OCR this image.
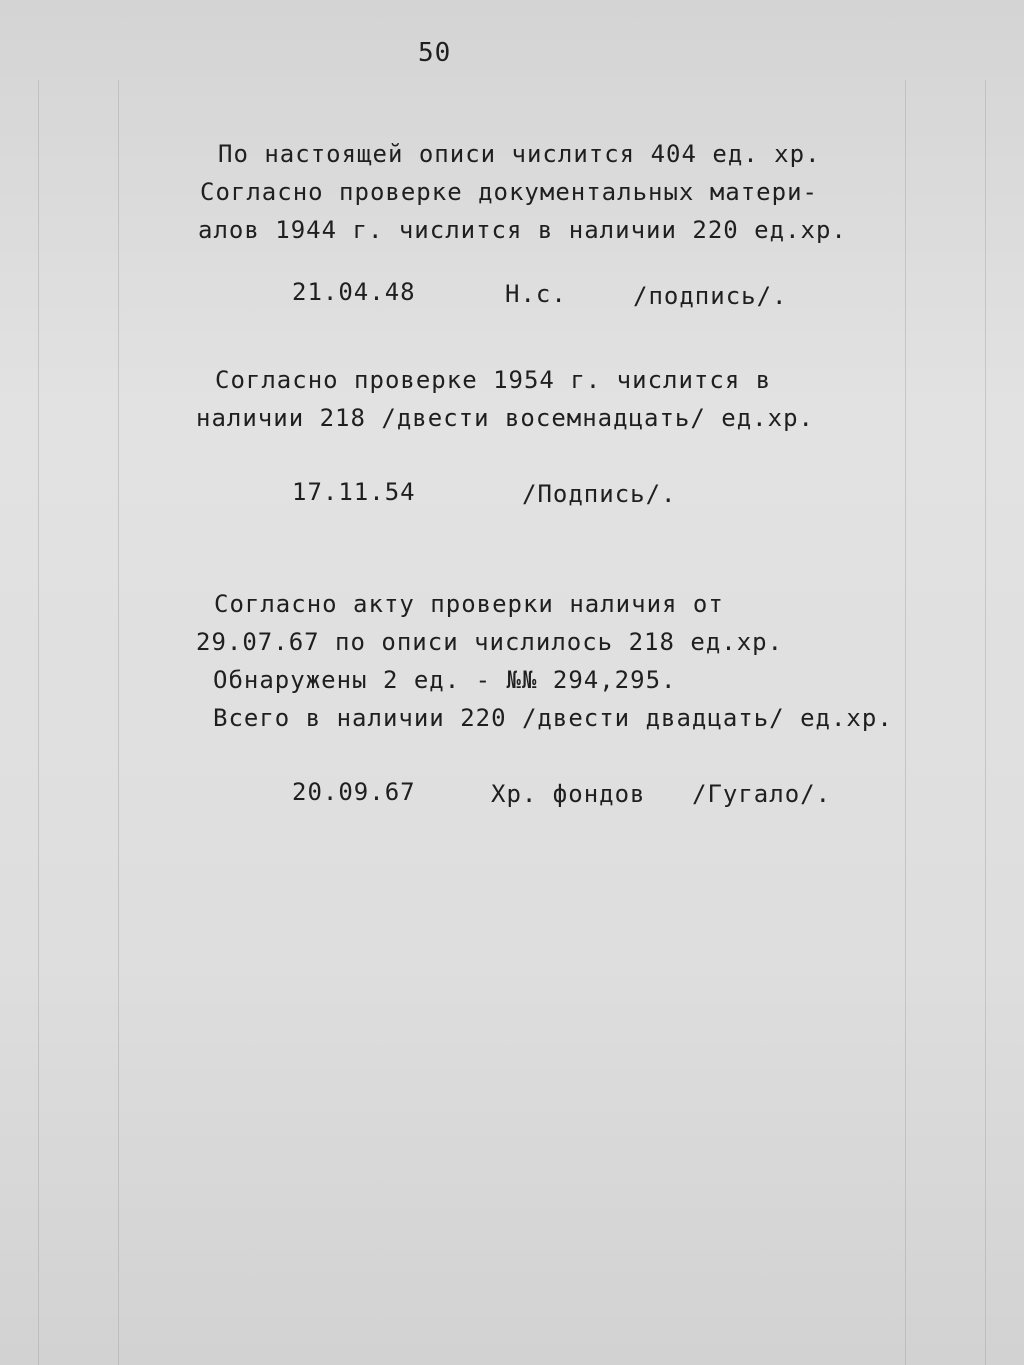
50
По настоящей описи числится 404 ед. хр.
Согласно проверке документальных матери-
алов 1944 г. числится в наличии 220 ед.хр.
21.04.48	Н.с.	/подпись/.
Согласно проверке 1954 г. числится в
наличии 218 /двести восемнадцать/ ед.хр.
17.11.54	/Подпись/.
Согласно акту проверки наличия от
29.07.67 по описи числилось 218 ед.хр.
Обнаружены 2 ед. - №№ 294,295.
Всего в наличии 220 /двести двадцать/ ед.хр.
20.09.67	Хр. фондов /Гугало/.
